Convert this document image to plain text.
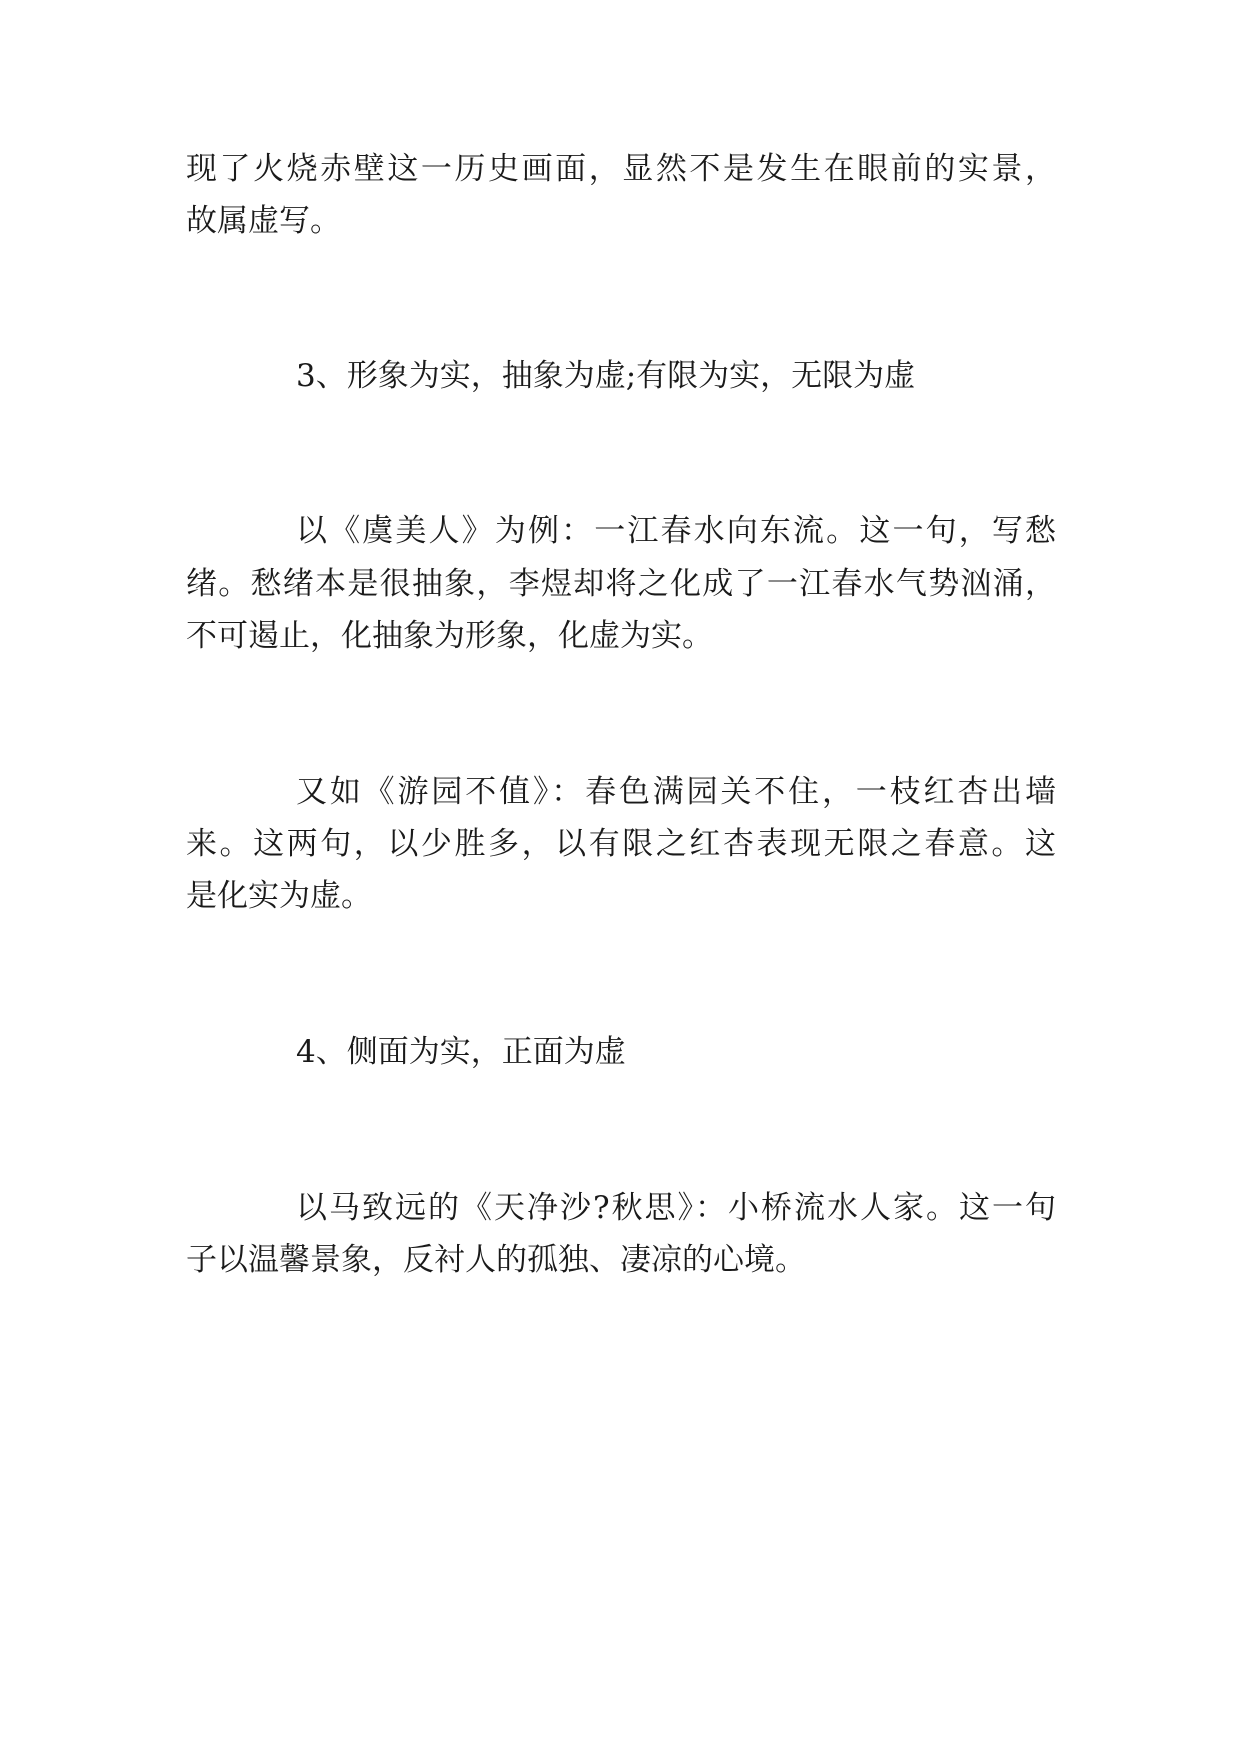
现了火烧赤壁这一历史画面，显然不是发生在眼前的实景，

故属虚写。

3、形象为实，抽象为虚;有限为实，无限为虚

以《虞美人》为例：一江春水向东流。这一句，写愁

绪。愁绪本是很抽象，李煜却将之化成了一江春水气势汹涌，

不可遏止，化抽象为形象，化虚为实。

又如《游园不值》：春色满园关不住，一枝红杏出墙

来。这两句，以少胜多，以有限之红杏表现无限之春意。这

是化实为虚。

4、侧面为实，正面为虚

以马致远的《天净沙?秋思》：小桥流水人家。这一句

子以温馨景象，反衬人的孤独、凄凉的心境。
